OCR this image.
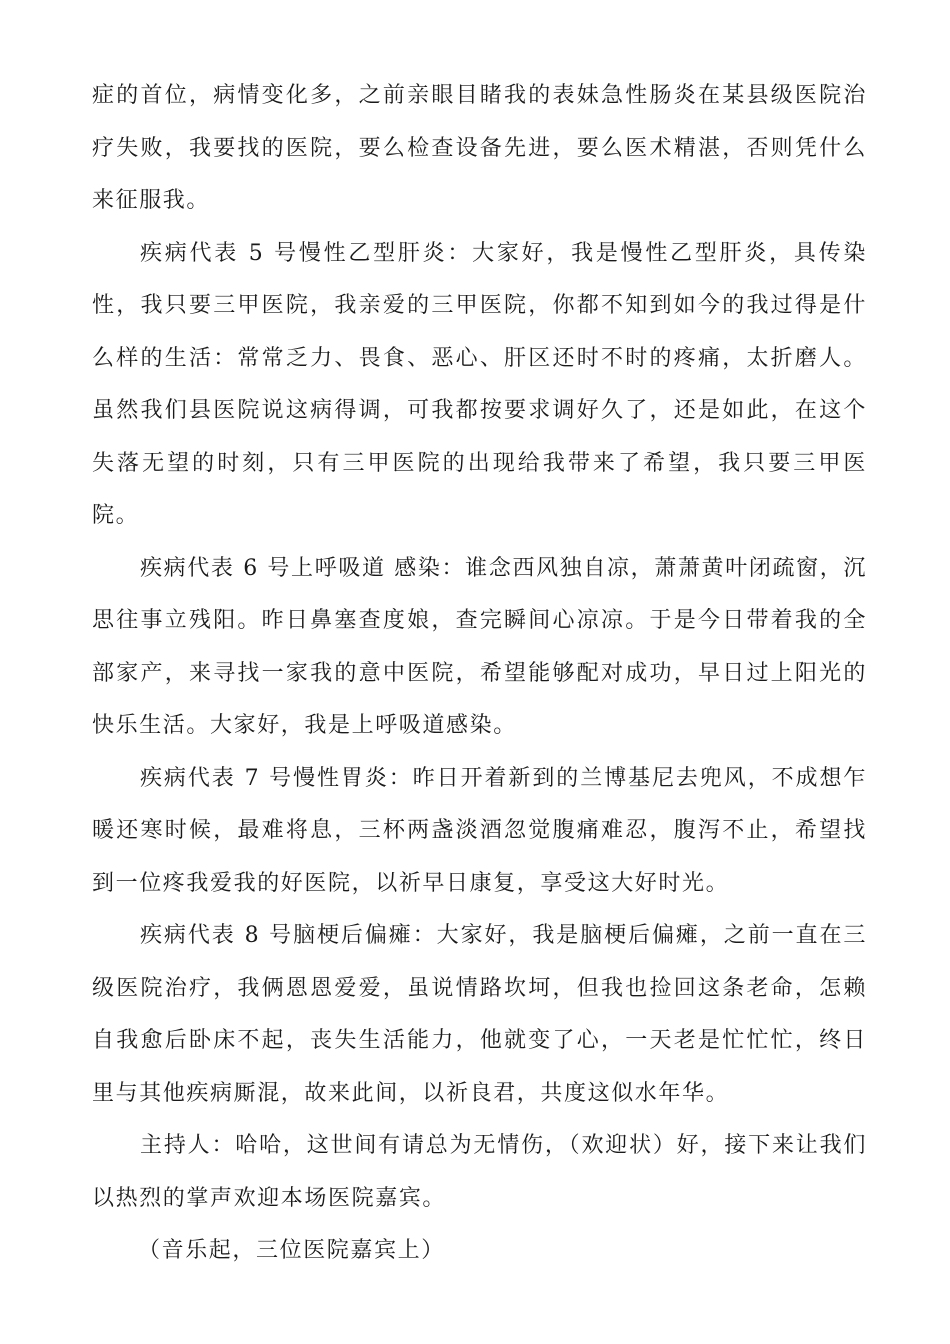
症的首位，病情变化多，之前亲眼目睹我的表妹急性肠炎在某县级医院治疗失败，我要找的医院，要么检查设备先进，要么医术精湛，否则凭什么来征服我。

疾病代表 5 号慢性乙型肝炎：大家好，我是慢性乙型肝炎，具传染性，我只要三甲医院，我亲爱的三甲医院，你都不知到如今的我过得是什么样的生活：常常乏力、畏食、恶心、肝区还时不时的疼痛，太折磨人。虽然我们县医院说这病得调，可我都按要求调好久了，还是如此，在这个失落无望的时刻，只有三甲医院的出现给我带来了希望，我只要三甲医院。

疾病代表 6 号上呼吸道 感染：谁念西风独自凉，萧萧黄叶闭疏窗，沉思往事立残阳。昨日鼻塞查度娘，查完瞬间心凉凉。于是今日带着我的全部家产，来寻找一家我的意中医院，希望能够配对成功，早日过上阳光的快乐生活。大家好，我是上呼吸道感染。

疾病代表 7 号慢性胃炎：昨日开着新到的兰博基尼去兜风，不成想乍暖还寒时候，最难将息，三杯两盏淡酒忽觉腹痛难忍，腹泻不止，希望找到一位疼我爱我的好医院，以祈早日康复，享受这大好时光。

疾病代表 8 号脑梗后偏瘫：大家好，我是脑梗后偏瘫，之前一直在三级医院治疗，我俩恩恩爱爱，虽说情路坎坷，但我也捡回这条老命，怎赖自我愈后卧床不起，丧失生活能力，他就变了心，一天老是忙忙忙，终日里与其他疾病厮混，故来此间，以祈良君，共度这似水年华。

主持人：哈哈，这世间有请总为无情伤，（欢迎状）好，接下来让我们以热烈的掌声欢迎本场医院嘉宾。

（音乐起，三位医院嘉宾上）
